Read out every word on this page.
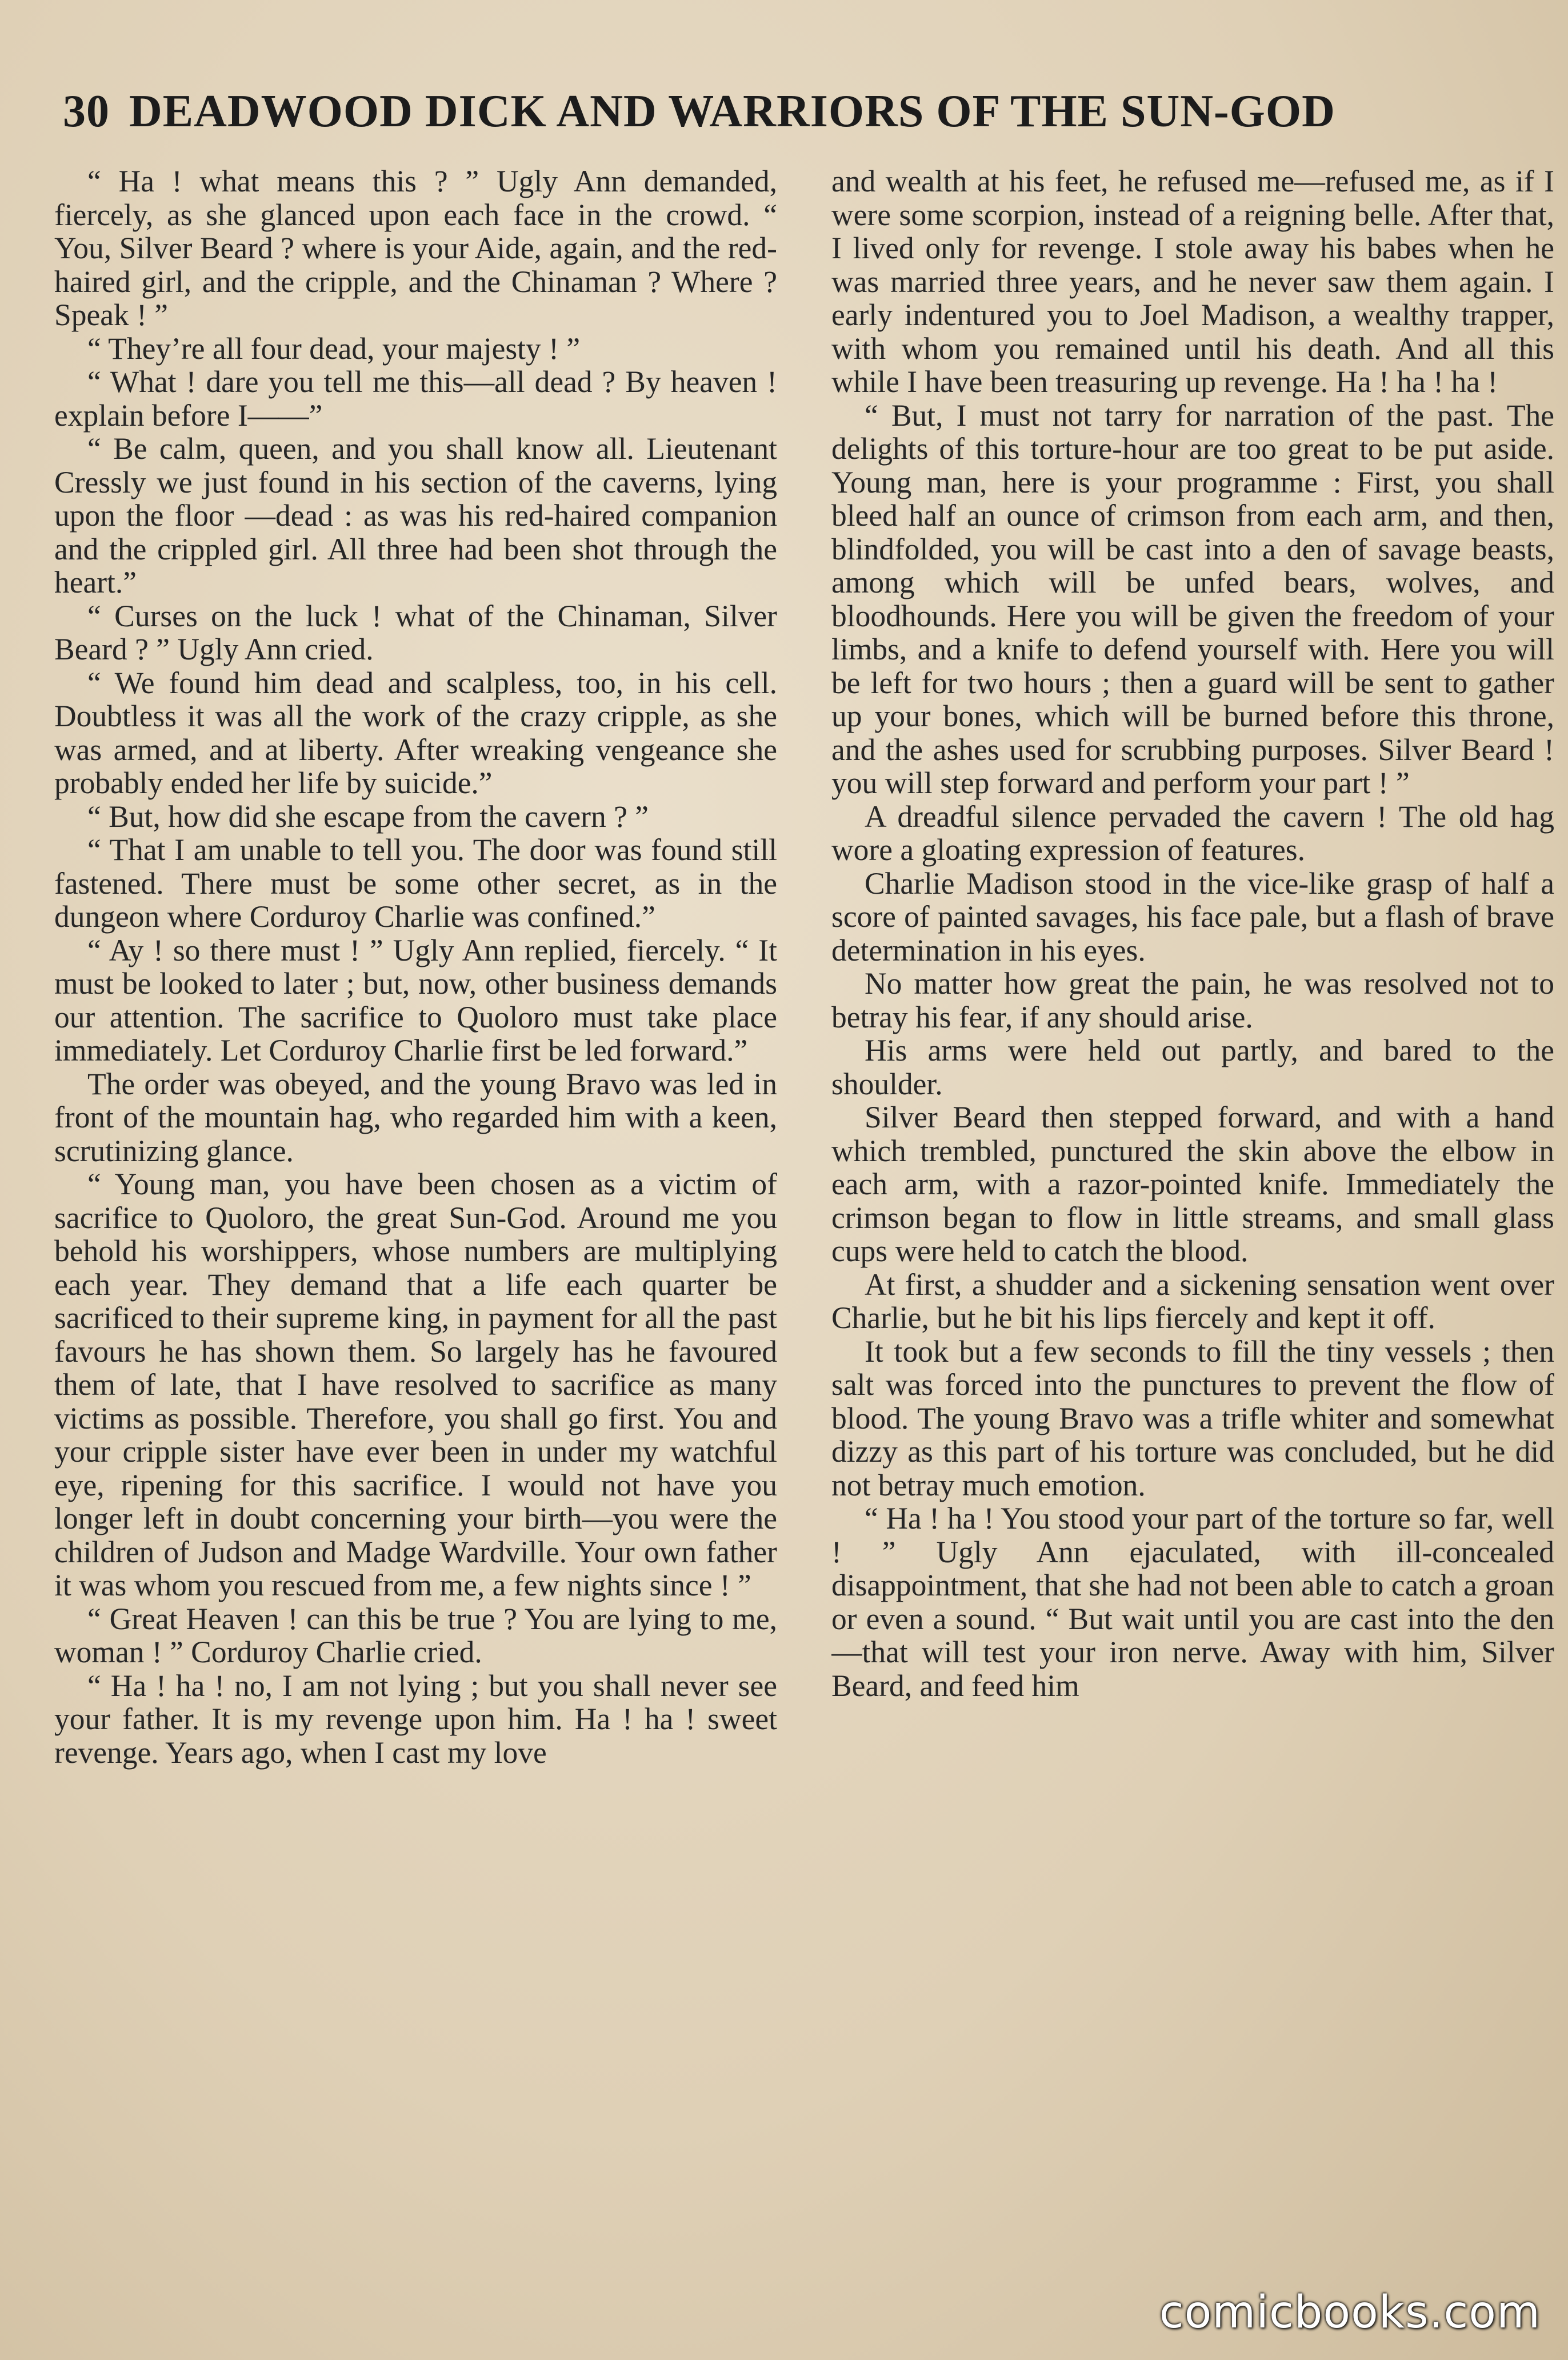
30 DEADWOOD DICK AND WARRIORS OF THE SUN-GOD

“ Ha ! what means this ? ” Ugly Ann demanded, fiercely, as she glanced upon each face in the crowd. “ You, Silver Beard ? where is your Aide, again, and the red-haired girl, and the cripple, and the Chinaman ? Where ? Speak ! ”

“ They’re all four dead, your majesty ! ”

“ What ! dare you tell me this—all dead ? By heaven ! explain before I——”

“ Be calm, queen, and you shall know all. Lieutenant Cressly we just found in his section of the caverns, lying upon the floor —dead : as was his red-haired companion and the crippled girl. All three had been shot through the heart.”

“ Curses on the luck ! what of the Chinaman, Silver Beard ? ” Ugly Ann cried.

“ We found him dead and scalpless, too, in his cell. Doubtless it was all the work of the crazy cripple, as she was armed, and at liberty. After wreaking vengeance she probably ended her life by suicide.”

“ But, how did she escape from the cavern ? ”

“ That I am unable to tell you. The door was found still fastened. There must be some other secret, as in the dungeon where Corduroy Charlie was confined.”

“ Ay ! so there must ! ” Ugly Ann replied, fiercely. “ It must be looked to later ; but, now, other business demands our attention. The sacrifice to Quoloro must take place immediately. Let Corduroy Charlie first be led forward.”

The order was obeyed, and the young Bravo was led in front of the mountain hag, who regarded him with a keen, scrutinizing glance.

“ Young man, you have been chosen as a victim of sacrifice to Quoloro, the great Sun-God. Around me you behold his worshippers, whose numbers are multiplying each year. They demand that a life each quarter be sacrificed to their supreme king, in payment for all the past favours he has shown them. So largely has he favoured them of late, that I have resolved to sacrifice as many victims as possible. Therefore, you shall go first. You and your cripple sister have ever been in under my watchful eye, ripening for this sacrifice. I would not have you longer left in doubt concerning your birth—you were the children of Judson and Madge Wardville. Your own father it was whom you rescued from me, a few nights since ! ”

“ Great Heaven ! can this be true ? You are lying to me, woman ! ” Corduroy Charlie cried.

“ Ha ! ha ! no, I am not lying ; but you shall never see your father. It is my revenge upon him. Ha ! ha ! sweet revenge. Years ago, when I cast my love

and wealth at his feet, he refused me—refused me, as if I were some scorpion, instead of a reigning belle. After that, I lived only for revenge. I stole away his babes when he was married three years, and he never saw them again. I early indentured you to Joel Madison, a wealthy trapper, with whom you remained until his death. And all this while I have been treasuring up revenge. Ha ! ha ! ha !

“ But, I must not tarry for narration of the past. The delights of this torture-hour are too great to be put aside. Young man, here is your programme : First, you shall bleed half an ounce of crimson from each arm, and then, blindfolded, you will be cast into a den of savage beasts, among which will be unfed bears, wolves, and bloodhounds. Here you will be given the freedom of your limbs, and a knife to defend yourself with. Here you will be left for two hours ; then a guard will be sent to gather up your bones, which will be burned before this throne, and the ashes used for scrubbing purposes. Silver Beard ! you will step forward and perform your part ! ”

A dreadful silence pervaded the cavern ! The old hag wore a gloating expression of features.

Charlie Madison stood in the vice-like grasp of half a score of painted savages, his face pale, but a flash of brave determination in his eyes.

No matter how great the pain, he was resolved not to betray his fear, if any should arise.

His arms were held out partly, and bared to the shoulder.

Silver Beard then stepped forward, and with a hand which trembled, punctured the skin above the elbow in each arm, with a razor-pointed knife. Immediately the crimson began to flow in little streams, and small glass cups were held to catch the blood.

At first, a shudder and a sickening sensation went over Charlie, but he bit his lips fiercely and kept it off.

It took but a few seconds to fill the tiny vessels ; then salt was forced into the punctures to prevent the flow of blood. The young Bravo was a trifle whiter and somewhat dizzy as this part of his torture was concluded, but he did not betray much emotion.

“ Ha ! ha ! You stood your part of the torture so far, well ! ” Ugly Ann ejaculated, with ill-concealed disappointment, that she had not been able to catch a groan or even a sound. “ But wait until you are cast into the den—that will test your iron nerve. Away with him, Silver Beard, and feed him

comicbooks.com
